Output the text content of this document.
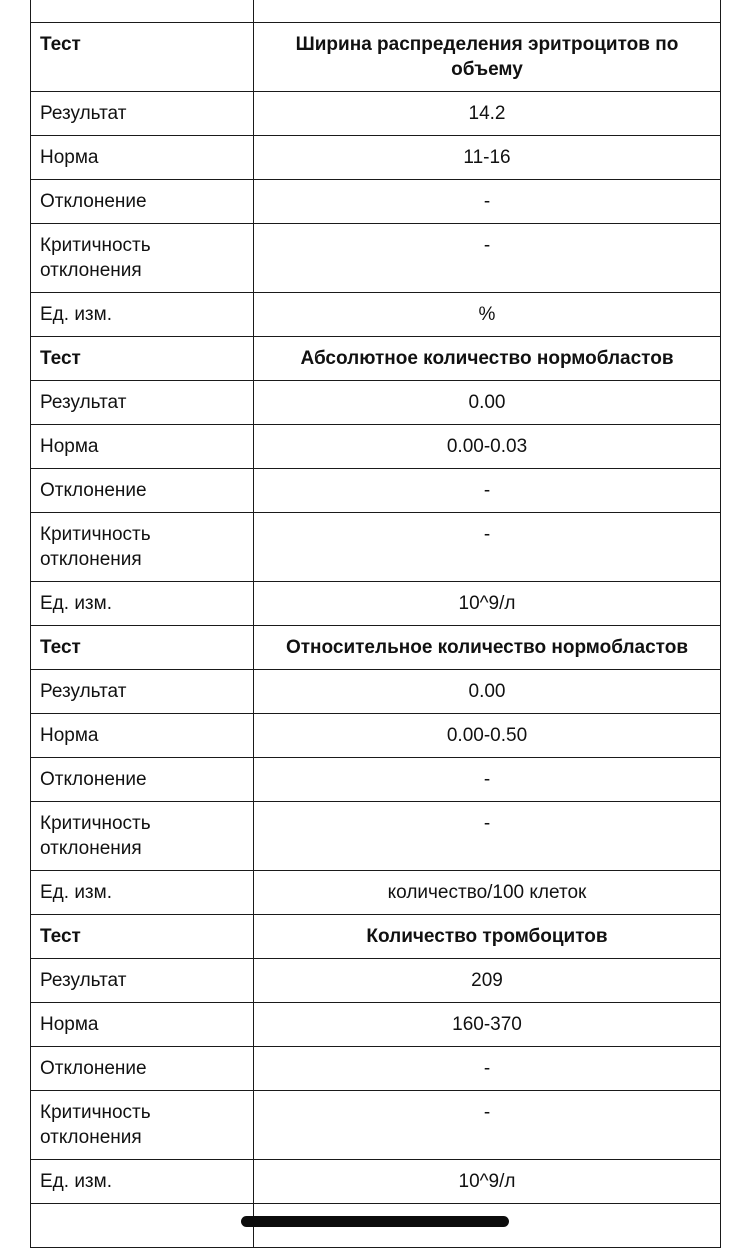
Тест	Ширина распределения эритроцитов по объему
Результат	14.2
Норма	11-16
Отклонение	-
Критичность отклонения	-
Ед. изм.	%
Тест	Абсолютное количество нормобластов
Результат	0.00
Норма	0.00-0.03
Отклонение	-
Критичность отклонения	-
Ед. изм.	10^9/л
Тест	Относительное количество нормобластов
Результат	0.00
Норма	0.00-0.50
Отклонение	-
Критичность отклонения	-
Ед. изм.	количество/100 клеток
Тест	Количество тромбоцитов
Результат	209
Норма	160-370
Отклонение	-
Критичность отклонения	-
Ед. изм.	10^9/л
